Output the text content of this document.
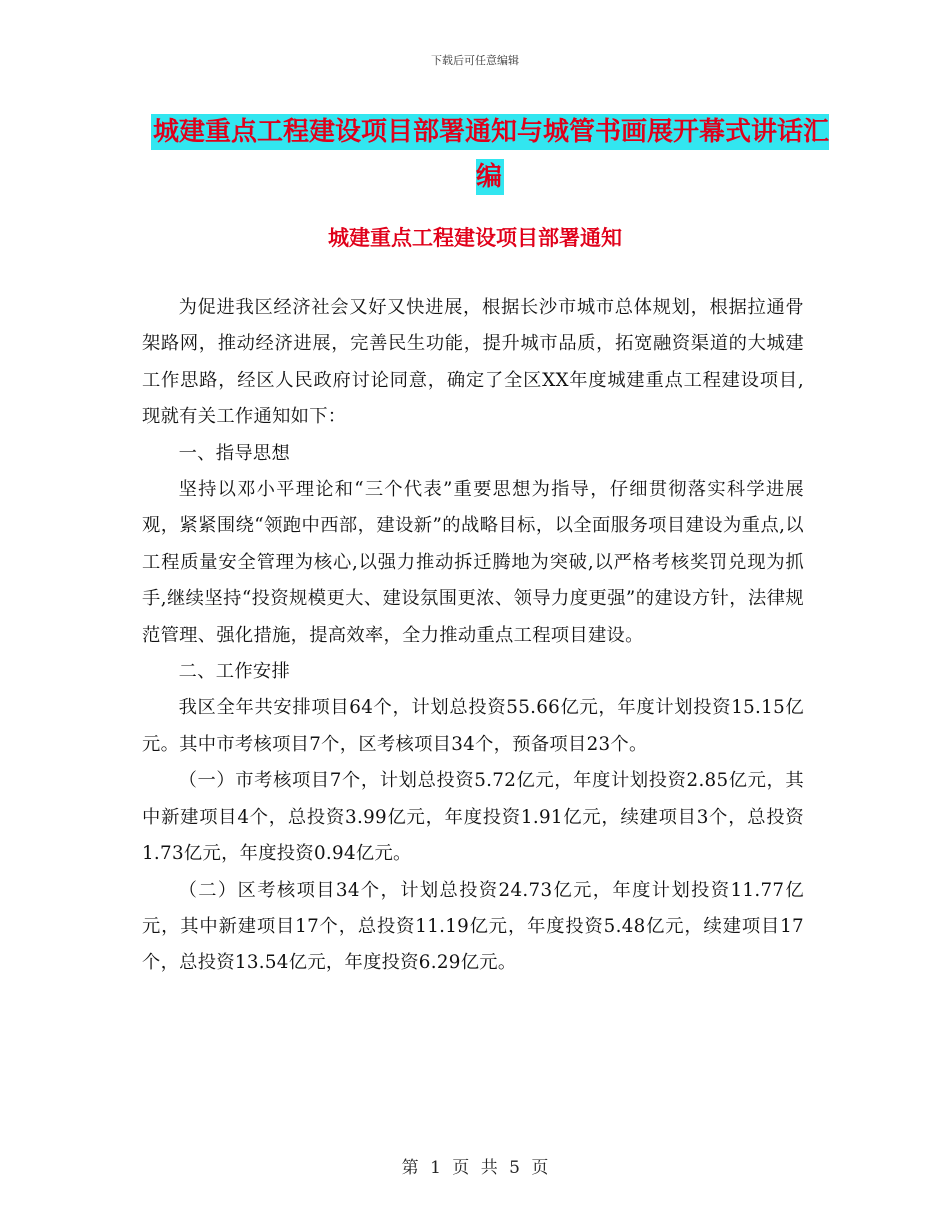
下载后可任意编辑
城建重点工程建设项目部署通知与城管书画展开幕式讲话汇编
城建重点工程建设项目部署通知

为促进我区经济社会又好又快进展，根据长沙市城市总体规划，根据拉通骨架路网，推动经济进展，完善民生功能，提升城市品质，拓宽融资渠道的大城建工作思路，经区人民政府讨论同意，确定了全区XX年度城建重点工程建设项目,现就有关工作通知如下：

一、指导思想

坚持以邓小平理论和“三个代表”重要思想为指导，仔细贯彻落实科学进展观，紧紧围绕“领跑中西部，建设新”的战略目标，以全面服务项目建设为重点,以工程质量安全管理为核心,以强力推动拆迁腾地为突破,以严格考核奖罚兑现为抓手,继续坚持“投资规模更大、建设氛围更浓、领导力度更强”的建设方针，法律规范管理、强化措施，提高效率，全力推动重点工程项目建设。

二、工作安排

我区全年共安排项目64个，计划总投资55.66亿元，年度计划投资15.15亿元。其中市考核项目7个，区考核项目34个，预备项目23个。

（一）市考核项目7个，计划总投资5.72亿元，年度计划投资2.85亿元，其中新建项目4个，总投资3.99亿元，年度投资1.91亿元，续建项目3个，总投资1.73亿元，年度投资0.94亿元。

（二）区考核项目34个，计划总投资24.73亿元，年度计划投资11.77亿元，其中新建项目17个，总投资11.19亿元，年度投资5.48亿元，续建项目17个，总投资13.54亿元，年度投资6.29亿元。

第 1 页 共 5 页
